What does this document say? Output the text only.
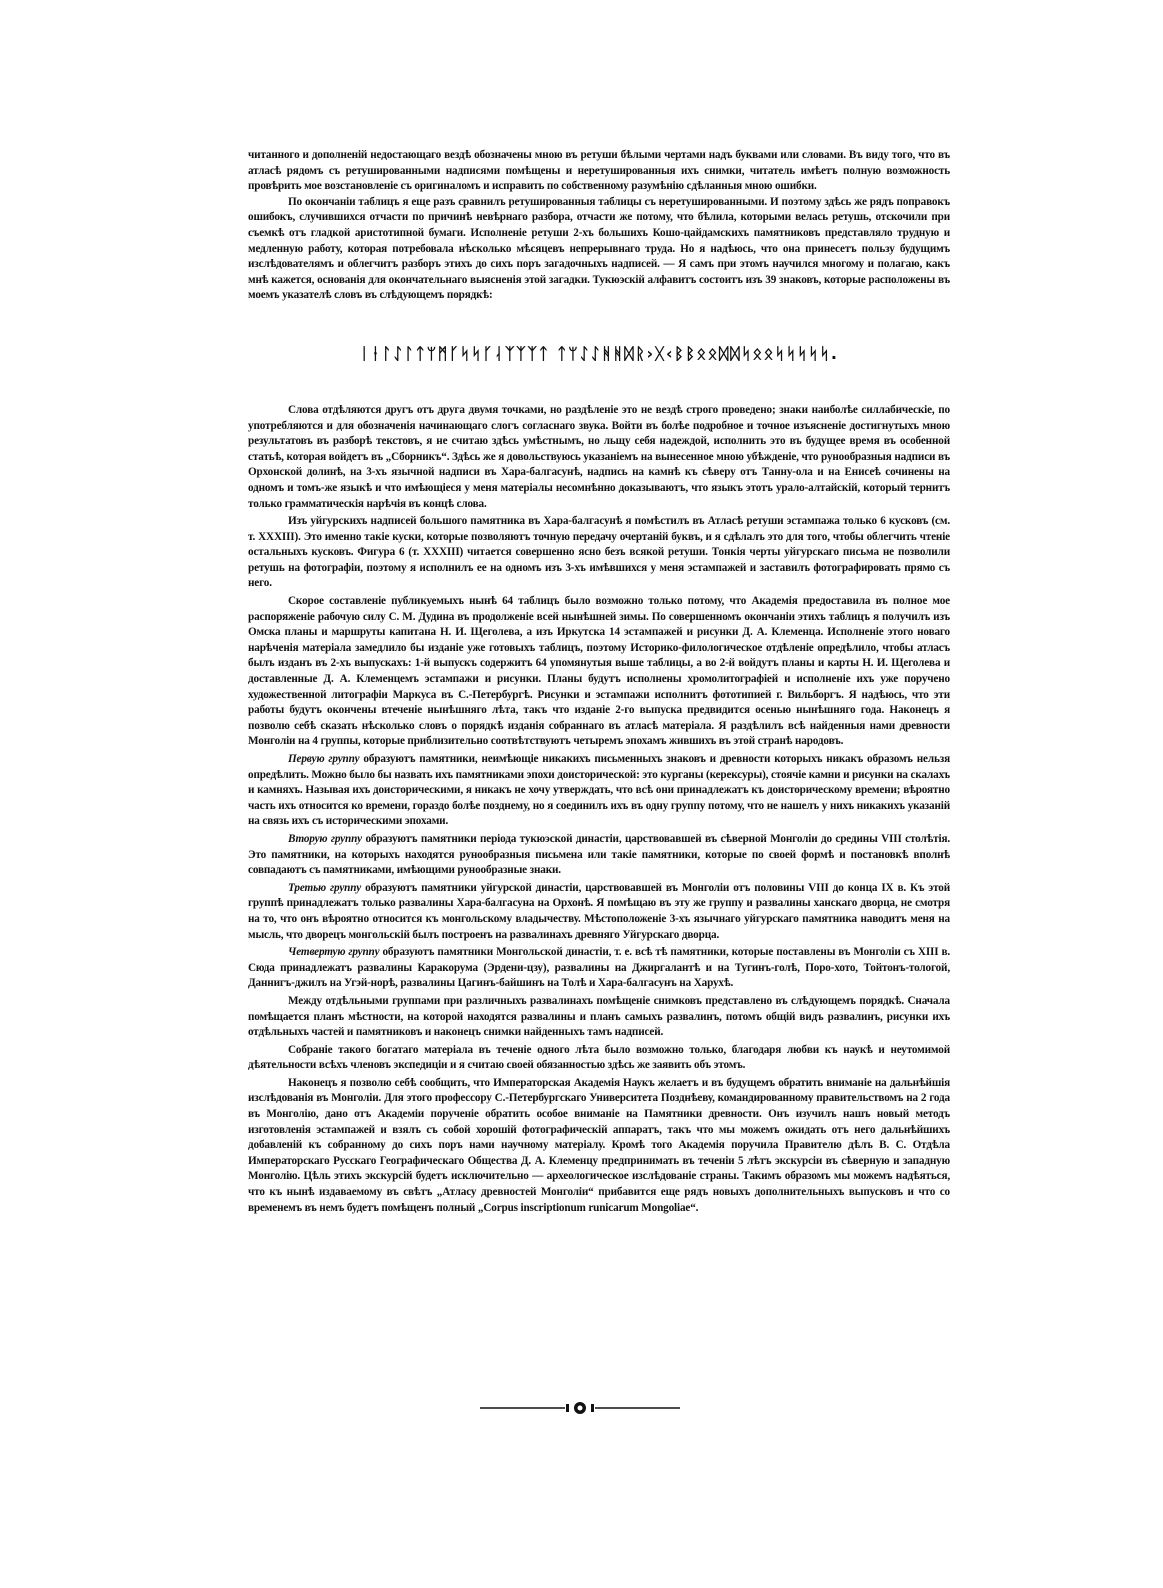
читанного и дополненій недостающаго вездѣ обозначены мною въ ретуши бѣлыми чертами надъ буквами или словами. Въ виду того, что въ атласѣ рядомъ съ ретушированными надписями помѣщены и неретушированныя ихъ снимки, читатель имѣетъ полную возможность провѣрить мое возстановленіе съ оригиналомъ и исправить по собственному разумѣнію сдѣланныя мною ошибки.

По окончаніи таблицъ я еще разъ сравнилъ ретушированныя таблицы съ неретушированными. И поэтому здѣсь же рядъ поправокъ ошибокъ, случившихся отчасти по причинѣ невѣрнаго разбора, отчасти же потому, что бѣлила, которыми велась ретушь, отскочили при съемкѣ отъ гладкой аристотипной бумаги. Исполненіе ретуши 2-хъ большихъ Кошо-цайдамскихъ памятниковъ представляло трудную и медленную работу, которая потребовала нѣсколько мѣсяцевъ непрерывнаго труда. Но я надѣюсь, что она принесетъ пользу будущимъ изслѣдователямъ и облегчитъ разборъ этихъ до сихъ поръ загадочныхъ надписей. — Я самъ при этомъ научился многому и полагаю, какъ мнѣ кажется, основанія для окончательнаго выясненія этой загадки. Тукюэскій алфавитъ состоитъ изъ 39 знаковъ, которые расположены въ моемъ указателѣ словъ въ слѣдующемъ порядкѣ:

ᛁᚽᛚᛇᛚᛏᛘᛗᚴᛋᛋᚴᛆᛉᛉᛉᛏ ᛏᛘᛇᛇᚻᚻᛞᚱ›ᚷ‹ᛒᛒᛟᛟᛞᛞᛋᛟᛟᛋᛋᛋᛋᛋ.

Слова отдѣляются другъ отъ друга двумя точками, но раздѣленіе это не вездѣ строго проведено; знаки наиболѣе силлабическіе, по употребляются и для обозначенія начинающаго слогъ согласнаго звука. Войти въ болѣе подробное и точное изъясненіе достигнутыхъ мною результатовъ въ разборѣ текстовъ, я не считаю здѣсь умѣстнымъ, но льщу себя надеждой, исполнить это въ будущее время въ особенной статьѣ, которая войдетъ въ „Сборникъ“. Здѣсь же я довольствуюсь указаніемъ на вынесенное мною убѣжденіе, что рунообразныя надписи въ Орхонской долинѣ, на 3-хъ язычной надписи въ Хара-балгасунѣ, надпись на камнѣ къ сѣверу отъ Танну-ола и на Енисеѣ сочинены на одномъ и томъ-же языкѣ и что имѣющіеся у меня матеріалы несомнѣнно доказываютъ, что языкъ этотъ урало-алтайскій, который тернитъ только грамматическія нарѣчія въ концѣ слова.

Изъ уйгурскихъ надписей большого памятника въ Хара-балгасунѣ я помѣстилъ въ Атласѣ ретуши эстампажа только 6 кусковъ (см. т. XXXIII). Это именно такіе куски, которые позволяютъ точную передачу очертаній буквъ, и я сдѣлалъ это для того, чтобы облегчить чтеніе остальныхъ кусковъ. Фигура 6 (т. XXXIII) читается совершенно ясно безъ всякой ретуши. Тонкія черты уйгурскаго письма не позволили ретушь на фотографіи, поэтому я исполнилъ ее на одномъ изъ 3-хъ имѣвшихся у меня эстампажей и заставилъ фотографировать прямо съ него.

Скорое составленіе публикуемыхъ нынѣ 64 таблицъ было возможно только потому, что Академія предоставила въ полное мое распоряженіе рабочую силу С. М. Дудина въ продолженіе всей нынѣшней зимы. По совершенномъ окончаніи этихъ таблицъ я получилъ изъ Омска планы и маршруты капитана Н. И. Щеголева, а изъ Иркутска 14 эстампажей и рисунки Д. А. Клеменца. Исполненіе этого новаго нарѣченія матеріала замедлило бы изданіе уже готовыхъ таблицъ, поэтому Историко-филологическое отдѣленіе опредѣлило, чтобы атласъ былъ изданъ въ 2-хъ выпускахъ: 1-й выпускъ содержитъ 64 упомянутыя выше таблицы, а во 2-й войдутъ планы и карты Н. И. Щеголева и доставленные Д. А. Клеменцемъ эстампажи и рисунки. Планы будутъ исполнены хромолитографіей и исполненіе ихъ уже поручено художественной литографіи Маркуса въ С.-Петербургѣ. Рисунки и эстампажи исполнитъ фототипией г. Вильборгъ. Я надѣюсь, что эти работы будутъ окончены втеченіе нынѣшняго лѣта, такъ что изданіе 2-го выпуска предвидится осенью нынѣшняго года. Наконецъ я позволю себѣ сказать нѣсколько словъ о порядкѣ изданія собраннаго въ атласѣ матеріала. Я раздѣлилъ всѣ найденныя нами древности Монголіи на 4 группы, которые приблизительно соотвѣтствуютъ четыремъ эпохамъ жившихъ въ этой странѣ народовъ.

Первую группу образуютъ памятники, неимѣющіе никакихъ письменныхъ знаковъ и древности которыхъ никакъ образомъ нельзя опредѣлить. Можно было бы назвать ихъ памятниками эпохи доисторической: это курганы (керексуры), стоячіе камни и рисунки на скалахъ и камняхъ. Называя ихъ доисторическими, я никакъ не хочу утверждать, что всѣ они принадлежатъ къ доисторическому времени; вѣроятно часть ихъ относится ко времени, гораздо болѣе позднему, но я соединилъ ихъ въ одну группу потому, что не нашелъ у нихъ никакихъ указаній на связь ихъ съ историческими эпохами.

Вторую группу образуютъ памятники періода тукюэской династіи, царствовавшей въ сѣверной Монголіи до средины VIII столѣтія. Это памятники, на которыхъ находятся рунообразныя письмена или такіе памятники, которые по своей формѣ и постановкѣ вполнѣ совпадаютъ съ памятниками, имѣющими рунообразные знаки.

Третью группу образуютъ памятники уйгурской династіи, царствовавшей въ Монголіи отъ половины VIII до конца IX в. Къ этой группѣ принадлежатъ только развалины Хара-балгасуна на Орхонѣ. Я помѣщаю въ эту же группу и развалины ханскаго дворца, не смотря на то, что онъ вѣроятно относится къ монгольскому владычеству. Мѣстоположеніе 3-хъ язычнаго уйгурскаго памятника наводитъ меня на мысль, что дворецъ монгольскій былъ построенъ на развалинахъ древняго Уйгурскаго дворца.

Четвертую группу образуютъ памятники Монгольской династіи, т. е. всѣ тѣ памятники, которые поставлены въ Монголіи съ XIII в. Сюда принадлежатъ развалины Каракорума (Эрдени-цзу), развалины на Джиргалантѣ и на Тугинъ-голѣ, Поро-хото, Тойтонъ-тологой, Даннигъ-джилъ на Угэй-норѣ, развалины Цагинъ-байшинъ на Толѣ и Хара-балгасунъ на Харухѣ.

Между отдѣльными группами при различныхъ развалинахъ помѣщеніе снимковъ представлено въ слѣдующемъ порядкѣ. Сначала помѣщается планъ мѣстности, на которой находятся развалины и планъ самыхъ развалинъ, потомъ общій видъ развалинъ, рисунки ихъ отдѣльныхъ частей и памятниковъ и наконецъ снимки найденныхъ тамъ надписей.

Собраніе такого богатаго матеріала въ теченіе одного лѣта было возможно только, благодаря любви къ наукѣ и неутомимой дѣятельности всѣхъ членовъ экспедиціи и я считаю своей обязанностью здѣсь же заявить объ этомъ.

Наконецъ я позволю себѣ сообщить, что Императорская Академія Наукъ желаетъ и въ будущемъ обратить вниманіе на дальнѣйшія изслѣдованія въ Монголіи. Для этого профессору С.-Петербургскаго Университета Позднѣеву, командированному правительствомъ на 2 года въ Монголію, дано отъ Академіи порученіе обратить особое вниманіе на Памятники древности. Онъ изучилъ нашъ новый методъ изготовленія эстампажей и взялъ съ собой хорошій фотографическій аппаратъ, такъ что мы можемъ ожидать отъ него дальнѣйшихъ добавленій къ собранному до сихъ поръ нами научному матеріалу. Кромѣ того Академія поручила Правителю дѣлъ В. С. Отдѣла Императорскаго Русскаго Географическаго Общества Д. А. Клеменцу предпринимать въ теченіи 5 лѣтъ экскурсіи въ сѣверную и западную Монголію. Цѣль этихъ экскурсій будетъ исключительно — археологическое изслѣдованіе страны. Такимъ образомъ мы можемъ надѣяться, что къ нынѣ издаваемому въ свѣтъ „Атласу древностей Монголіи“ прибавится еще рядъ новыхъ дополнительныхъ выпусковъ и что со временемъ въ немъ будетъ помѣщенъ полный „Corpus inscriptionum runicarum Mongoliae“.
